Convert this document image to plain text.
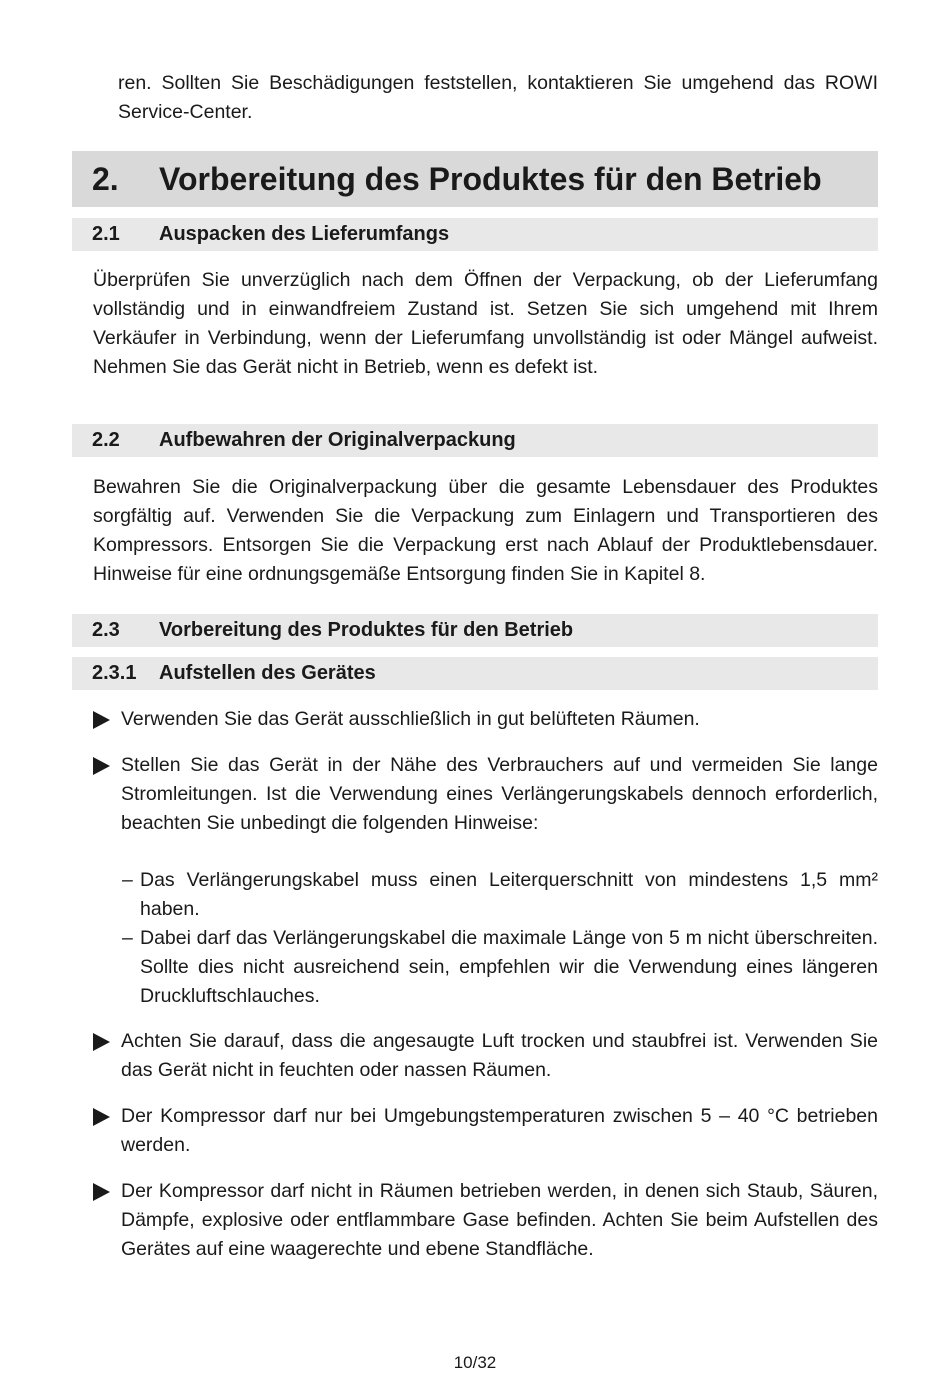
ren. Sollten Sie Beschädigungen feststellen, kontaktieren Sie umgehend das ROWI Service-Center.

2. Vorbereitung des Produktes für den Betrieb
2.1 Auspacken des Lieferumfangs

Überprüfen Sie unverzüglich nach dem Öffnen der Verpackung, ob der Lieferumfang vollständig und in einwandfreiem Zustand ist. Setzen Sie sich umgehend mit Ihrem Verkäufer in Verbindung, wenn der Lieferumfang unvollständig ist oder Mängel aufweist. Nehmen Sie das Gerät nicht in Betrieb, wenn es defekt ist.

2.2 Aufbewahren der Originalverpackung

Bewahren Sie die Originalverpackung über die gesamte Lebensdauer des Produktes sorgfältig auf. Verwenden Sie die Verpackung zum Einlagern und Transportieren des Kompressors. Entsorgen Sie die Verpackung erst nach Ablauf der Produktlebensdauer. Hinweise für eine ordnungsgemäße Entsorgung finden Sie in Kapitel 8.

2.3 Vorbereitung des Produktes für den Betrieb
2.3.1 Aufstellen des Gerätes
Verwenden Sie das Gerät ausschließlich in gut belüfteten Räumen.
Stellen Sie das Gerät in der Nähe des Verbrauchers auf und vermeiden Sie lange Stromleitungen. Ist die Verwendung eines Verlängerungskabels dennoch erforderlich, beachten Sie unbedingt die folgenden Hinweise:
– Das Verlängerungskabel muss einen Leiterquerschnitt von mindestens 1,5 mm² haben.
– Dabei darf das Verlängerungskabel die maximale Länge von 5 m nicht überschreiten. Sollte dies nicht ausreichend sein, empfehlen wir die Verwendung eines längeren Druckluftschlauches.
Achten Sie darauf, dass die angesaugte Luft trocken und staubfrei ist. Verwenden Sie das Gerät nicht in feuchten oder nassen Räumen.
Der Kompressor darf nur bei Umgebungstemperaturen zwischen 5 – 40 °C betrieben werden.
Der Kompressor darf nicht in Räumen betrieben werden, in denen sich Staub, Säuren, Dämpfe, explosive oder entflammbare Gase befinden. Achten Sie beim Aufstellen des Gerätes auf eine waagerechte und ebene Standfläche.
10/32
